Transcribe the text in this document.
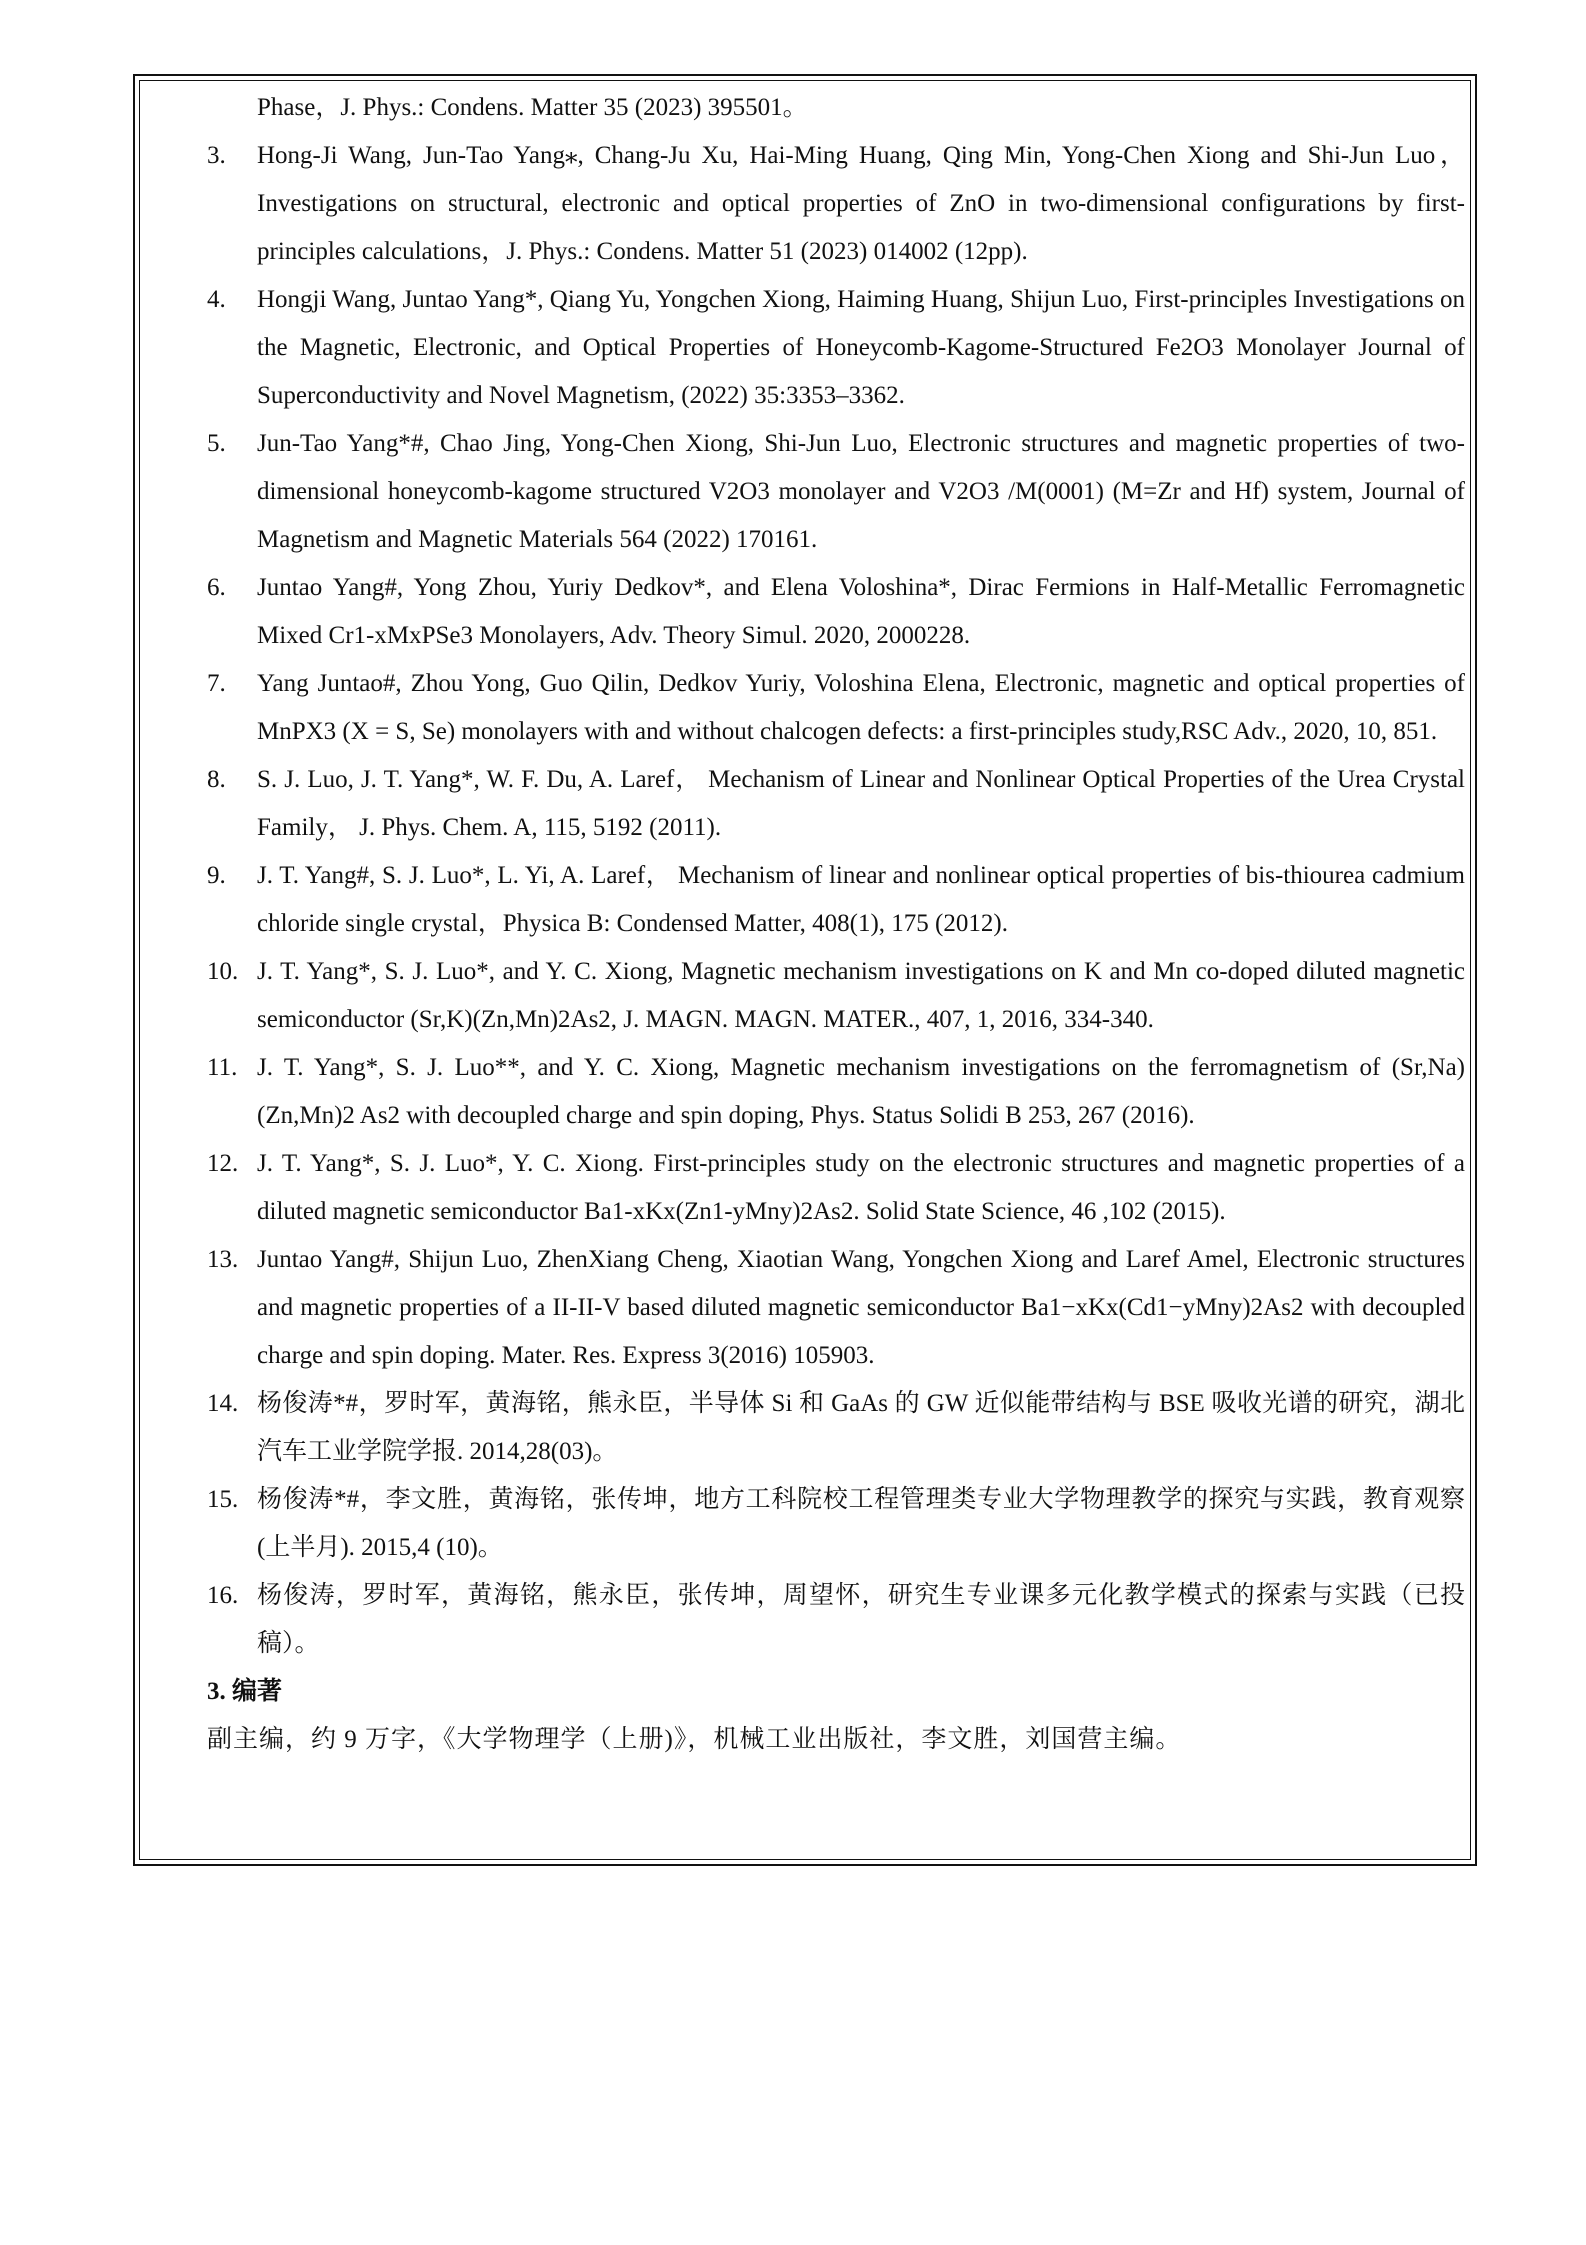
Phase，J. Phys.: Condens. Matter 35 (2023) 395501。
3. Hong-Ji Wang, Jun-Tao Yang⁎, Chang-Ju Xu, Hai-Ming Huang, Qing Min, Yong-Chen Xiong and Shi-Jun Luo， Investigations on structural, electronic and optical properties of ZnO in two-dimensional configurations by first-principles calculations，J. Phys.: Condens. Matter 51 (2023) 014002 (12pp).
4. Hongji Wang, Juntao Yang*, Qiang Yu, Yongchen Xiong, Haiming Huang, Shijun Luo, First-principles Investigations on the Magnetic, Electronic, and Optical Properties of Honeycomb-Kagome-Structured Fe2O3 Monolayer Journal of Superconductivity and Novel Magnetism, (2022) 35:3353–3362.
5. Jun-Tao Yang*#, Chao Jing, Yong-Chen Xiong, Shi-Jun Luo, Electronic structures and magnetic properties of two-dimensional honeycomb-kagome structured V2O3 monolayer and V2O3 /M(0001) (M=Zr and Hf) system, Journal of Magnetism and Magnetic Materials 564 (2022) 170161.
6. Juntao Yang#, Yong Zhou, Yuriy Dedkov*, and Elena Voloshina*, Dirac Fermions in Half-Metallic Ferromagnetic Mixed Cr1-xMxPSe3 Monolayers, Adv. Theory Simul. 2020, 2000228.
7. Yang Juntao#, Zhou Yong, Guo Qilin, Dedkov Yuriy, Voloshina Elena, Electronic, magnetic and optical properties of MnPX3 (X = S, Se) monolayers with and without chalcogen defects: a first-principles study,RSC Adv., 2020, 10, 851.
8. S. J. Luo, J. T. Yang*, W. F. Du, A. Laref， Mechanism of Linear and Nonlinear Optical Properties of the Urea Crystal Family， J. Phys. Chem. A, 115, 5192 (2011).
9. J. T. Yang#, S. J. Luo*, L. Yi, A. Laref， Mechanism of linear and nonlinear optical properties of bis-thiourea cadmium chloride single crystal，Physica B: Condensed Matter, 408(1), 175 (2012).
10. J. T. Yang*, S. J. Luo*, and Y. C. Xiong, Magnetic mechanism investigations on K and Mn co-doped diluted magnetic semiconductor (Sr,K)(Zn,Mn)2As2, J. MAGN. MAGN. MATER., 407, 1, 2016, 334-340.
11. J. T. Yang*, S. J. Luo**, and Y. C. Xiong, Magnetic mechanism investigations on the ferromagnetism of (Sr,Na)(Zn,Mn)2 As2 with decoupled charge and spin doping, Phys. Status Solidi B 253, 267 (2016).
12. J. T. Yang*, S. J. Luo*, Y. C. Xiong. First-principles study on the electronic structures and magnetic properties of a diluted magnetic semiconductor Ba1-xKx(Zn1-yMny)2As2. Solid State Science, 46 ,102 (2015).
13. Juntao Yang#, Shijun Luo, ZhenXiang Cheng, Xiaotian Wang, Yongchen Xiong and Laref Amel, Electronic structures and magnetic properties of a II-II-V based diluted magnetic semiconductor Ba1−xKx(Cd1−yMny)2As2 with decoupled charge and spin doping. Mater. Res. Express 3(2016) 105903.
14. 杨俊涛*#，罗时军，黄海铭，熊永臣，半导体 Si 和 GaAs 的 GW 近似能带结构与 BSE 吸收光谱的研究，湖北汽车工业学院学报. 2014,28(03)。
15. 杨俊涛*#，李文胜，黄海铭，张传坤，地方工科院校工程管理类专业大学物理教学的探究与实践，教育观察(上半月). 2015,4 (10)。
16. 杨俊涛，罗时军，黄海铭，熊永臣，张传坤，周望怀，研究生专业课多元化教学模式的探索与实践（已投稿）。
3. 编著
副主编，约 9 万字，《大学物理学（上册)》，机械工业出版社，李文胜，刘国营主编。
